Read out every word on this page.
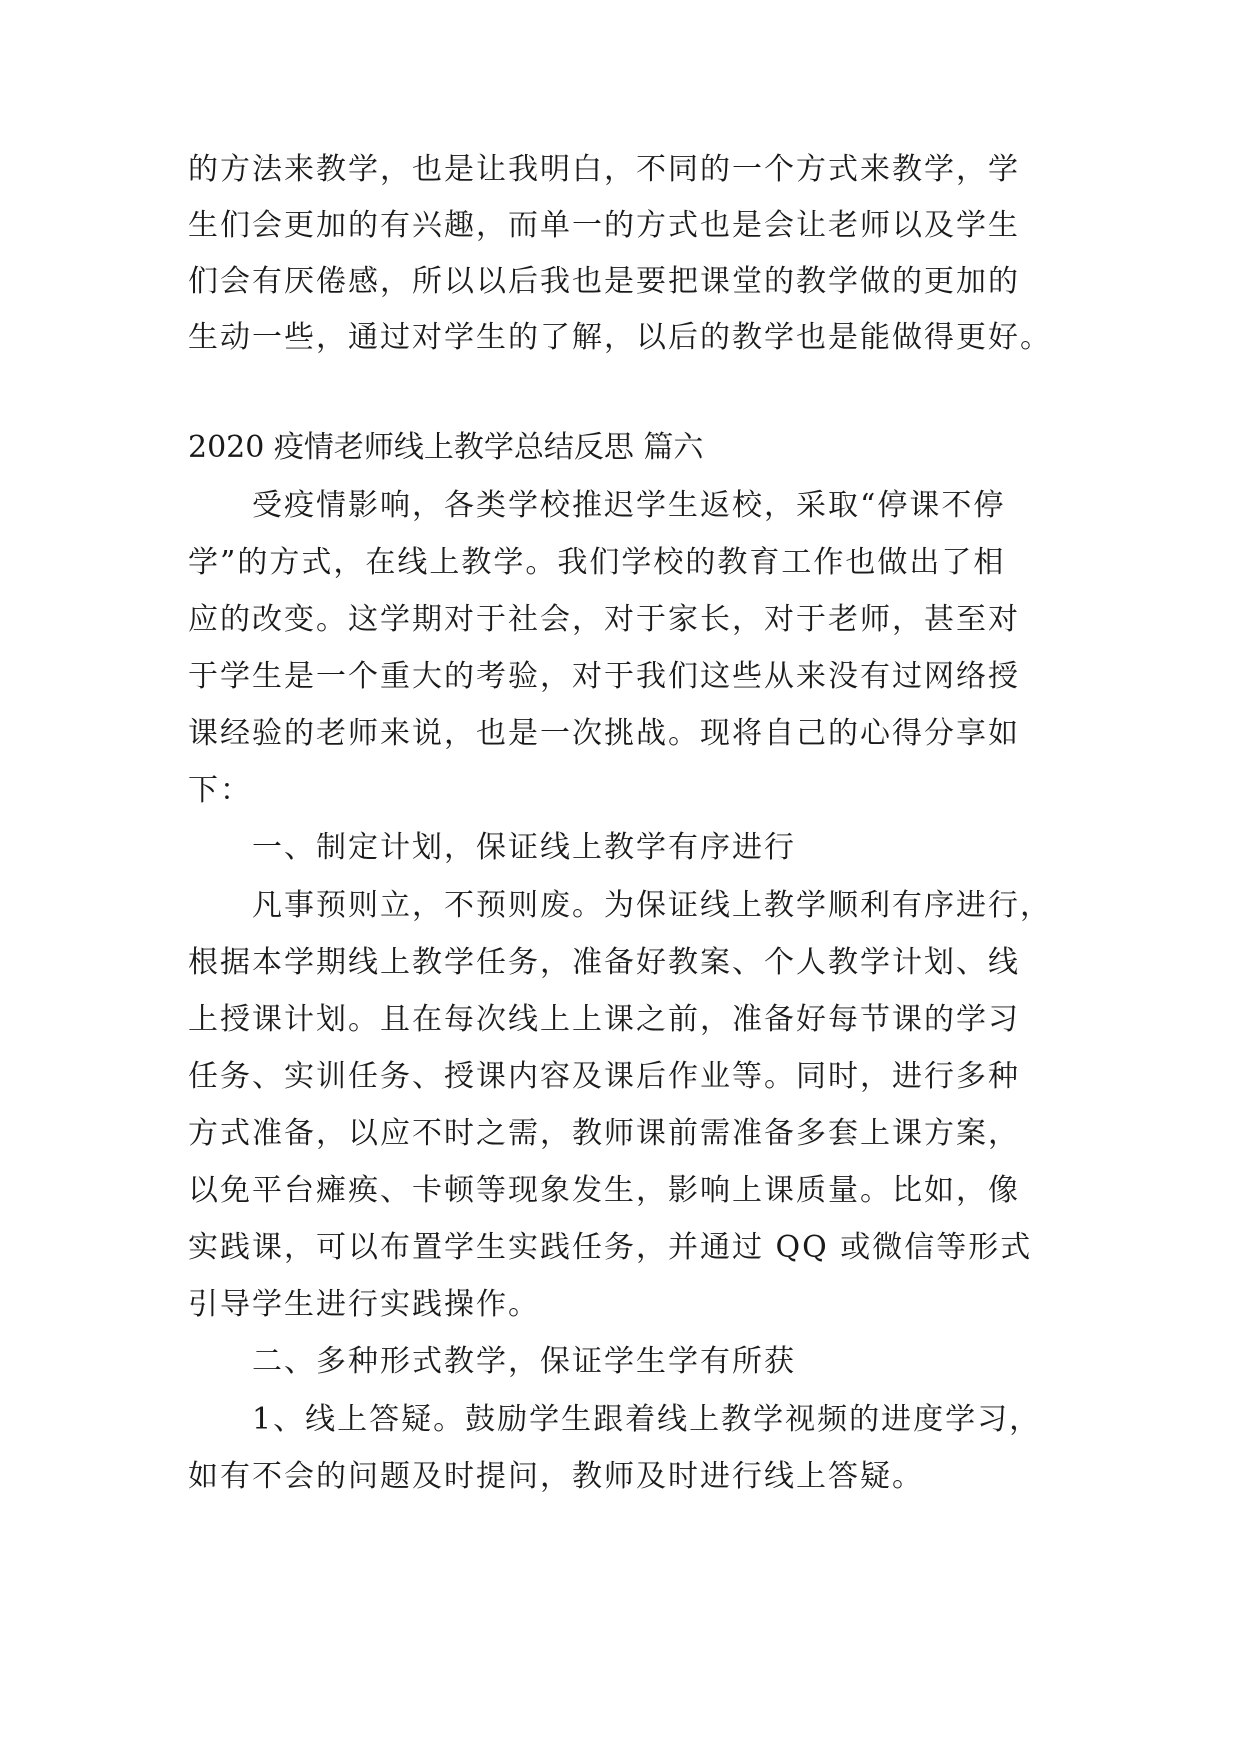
的方法来教学，也是让我明白，不同的一个方式来教学，学
生们会更加的有兴趣，而单一的方式也是会让老师以及学生
们会有厌倦感，所以以后我也是要把课堂的教学做的更加的
生动一些，通过对学生的了解，以后的教学也是能做得更好。
2020 疫情老师线上教学总结反思 篇六
受疫情影响，各类学校推迟学生返校，采取“停课不停
学”的方式，在线上教学。我们学校的教育工作也做出了相
应的改变。这学期对于社会，对于家长，对于老师，甚至对
于学生是一个重大的考验，对于我们这些从来没有过网络授
课经验的老师来说，也是一次挑战。现将自己的心得分享如
下：
一、制定计划，保证线上教学有序进行
凡事预则立，不预则废。为保证线上教学顺利有序进行，
根据本学期线上教学任务，准备好教案、个人教学计划、线
上授课计划。且在每次线上上课之前，准备好每节课的学习
任务、实训任务、授课内容及课后作业等。同时，进行多种
方式准备，以应不时之需，教师课前需准备多套上课方案，
以免平台瘫痪、卡顿等现象发生，影响上课质量。比如，像
实践课，可以布置学生实践任务，并通过 QQ 或微信等形式
引导学生进行实践操作。
二、多种形式教学，保证学生学有所获
1、线上答疑。鼓励学生跟着线上教学视频的进度学习，
如有不会的问题及时提问，教师及时进行线上答疑。
